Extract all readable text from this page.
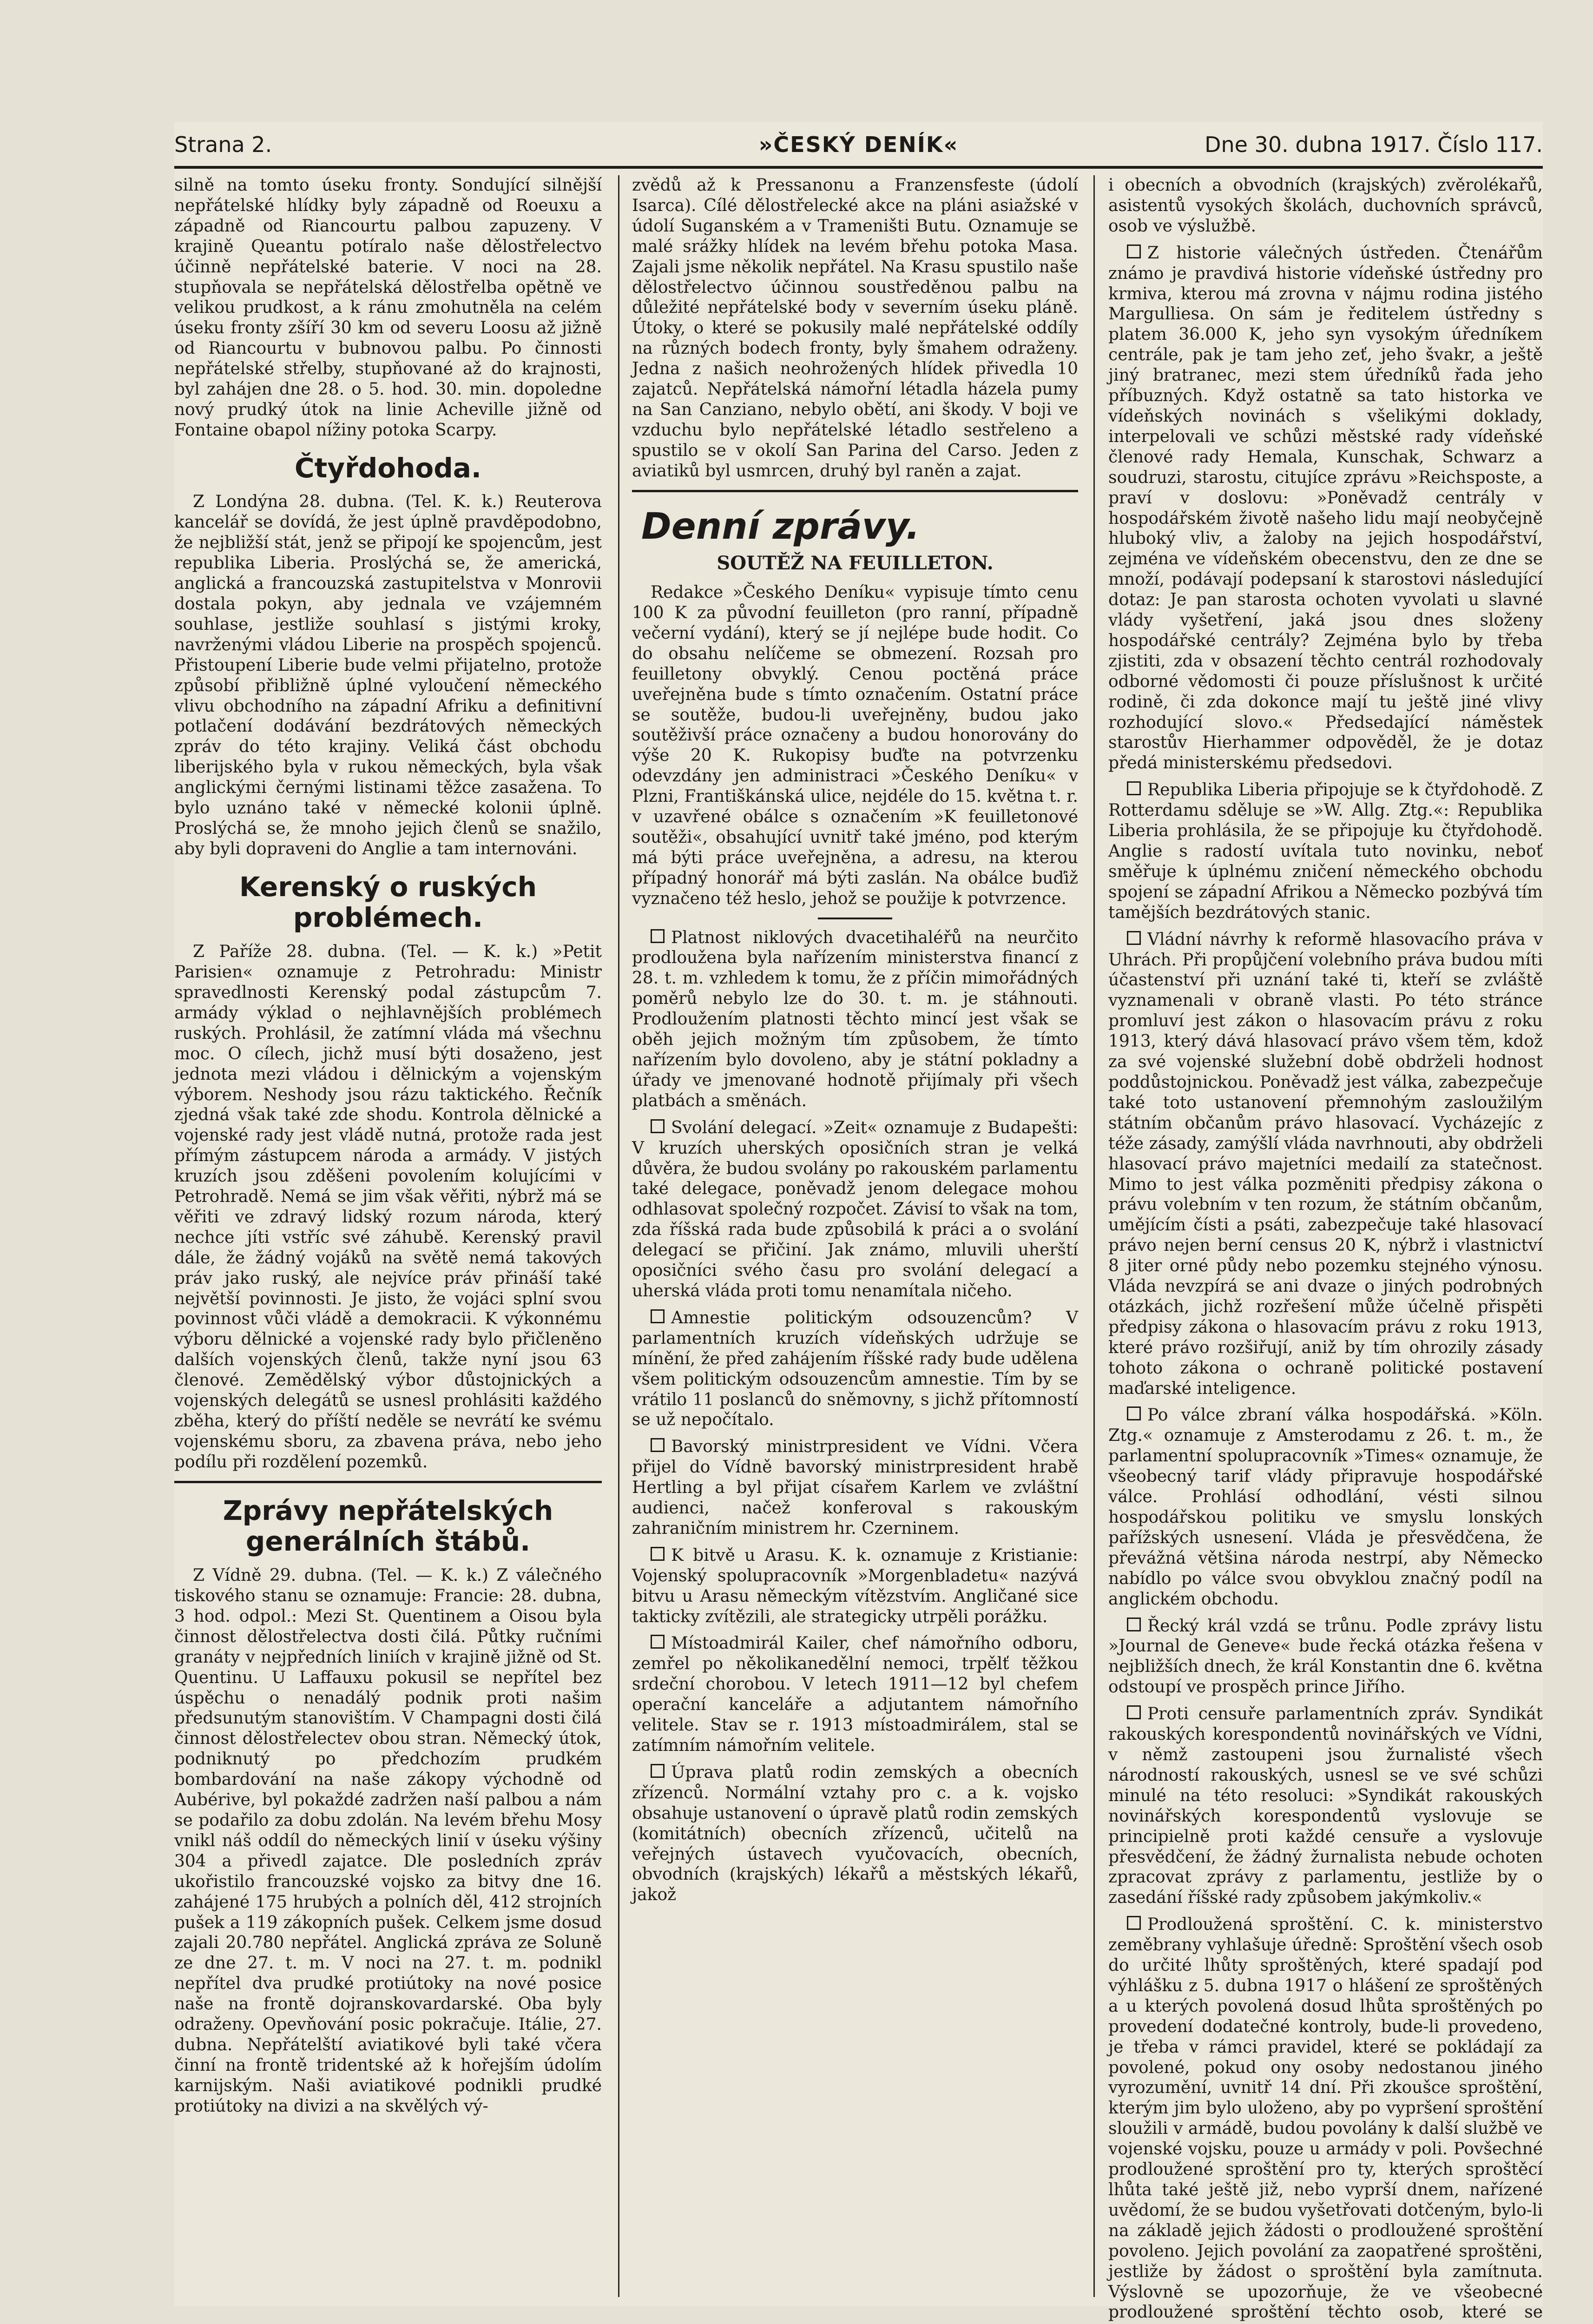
Strana 2.	»ČESKÝ DENÍK«	Dne 30. dubna 1917. Číslo 117.

silně na tomto úseku fronty. Sondující silnější nepřátelské hlídky byly západně od Roeuxu a západně od Riancourtu palbou zapuzeny. V krajině Queantu potíralo naše dělostřelectvo účinně nepřátelské baterie. V noci na 28. stupňovala se nepřátelská dělostřelba opětně ve velikou prudkost, a k ránu zmohutněla na celém úseku fronty zšíří 30 km od severu Loosu až jižně od Riancourtu v bubnovou palbu. Po činnosti nepřátelské střelby, stupňované až do krajnosti, byl zahájen dne 28. o 5. hod. 30. min. dopoledne nový prudký útok na linie Acheville jižně od Fontaine obapol nížiny potoka Scarpy.

Čtyřdohoda.

Z Londýna 28. dubna. (Tel. K. k.) Reuterova kancelář se dovídá, že jest úplně pravděpodobno, že nejbližší stát, jenž se připojí ke spojencům, jest republika Liberia. Proslýchá se, že americká, anglická a francouzská zastupitelstva v Monrovii dostala pokyn, aby jednala ve vzájemném souhlase, jestliže souhlasí s jistými kroky, navrženými vládou Liberie na prospěch spojenců. Přistoupení Liberie bude velmi přijatelno, protože způsobí přibližně úplné vyloučení německého vlivu obchodního na západní Afriku a definitivní potlačení dodávání bezdrátových německých zpráv do této krajiny. Veliká část obchodu liberijského byla v rukou německých, byla však anglickými černými listinami těžce zasažena. To bylo uznáno také v německé kolonii úplně. Proslýchá se, že mnoho jejich členů se snažilo, aby byli dopraveni do Anglie a tam internováni.

Kerenský o ruských problémech.

Z Paříže 28. dubna. (Tel. — K. k.) »Petit Parisien« oznamuje z Petrohradu: Ministr spravedlnosti Kerenský podal zástupcům 7. armády výklad o nejhlavnějších problémech ruských. Prohlásil, že zatímní vláda má všechnu moc. O cílech, jichž musí býti dosaženo, jest jednota mezi vládou i dělnickým a vojenským výborem. Neshody jsou rázu taktického. Řečník zjedná však také zde shodu. Kontrola dělnické a vojenské rady jest vládě nutná, protože rada jest přímým zástupcem národa a armády. V jistých kruzích jsou zděšeni povolením kolujícími v Petrohradě. Nemá se jim však věřiti, nýbrž má se věřiti ve zdravý lidský rozum národa, který nechce jíti vstříc své záhubě. Kerenský pravil dále, že žádný vojáků na světě nemá takových práv jako ruský, ale nejvíce práv přináší také největší povinnosti. Je jisto, že vojáci splní svou povinnost vůči vládě a demokracii. K výkonnému výboru dělnické a vojenské rady bylo přičleněno dalších vojenských členů, takže nyní jsou 63 členové. Zemědělský výbor důstojnických a vojenských delegátů se usnesl prohlásiti každého zběha, který do příští neděle se nevrátí ke svému vojenskému sboru, za zbavena práva, nebo jeho podílu při rozdělení pozemků.

Zprávy nepřátelských generálních štábů.

Z Vídně 29. dubna. (Tel. — K. k.) Z válečného tiskového stanu se oznamuje: Francie: 28. dubna, 3 hod. odpol.: Mezi St. Quentinem a Oisou byla činnost dělostřelectva dosti čilá. Půtky ručními granáty v nejpředních liniích v krajině jižně od St. Quentinu. U Laffauxu pokusil se nepřítel bez úspěchu o nenadálý podnik proti našim předsunutým stanovištím. V Champagni dosti čilá činnost dělostřelectev obou stran. Německý útok, podniknutý po předchozím prudkém bombardování na naše zákopy východně od Aubérive, byl pokaždé zadržen naší palbou a nám se podařilo za dobu zdolán. Na levém břehu Mosy vnikl náš oddíl do německých linií v úseku výšiny 304 a přivedl zajatce. Dle posledních zpráv ukořistilo francouzské vojsko za bitvy dne 16. zahájené 175 hrubých a polních děl, 412 strojních pušek a 119 zákopních pušek. Celkem jsme dosud zajali 20.780 nepřátel. Anglická zpráva ze Soluně ze dne 27. t. m. V noci na 27. t. m. podnikl nepřítel dva prudké protiútoky na nové posice naše na frontě dojranskovardarské. Oba byly odraženy. Opevňování posic pokračuje. Itálie, 27. dubna. Nepřátelští aviatikové byli také včera činní na frontě tridentské až k hořejším údolím karnijským. Naši aviatikové podnikli prudké protiútoky na divizi a na skvělých vý-

zvědů až k Pressanonu a Franzensfeste (údolí Isarca). Cílé dělostřelecké akce na pláni asiažské v údolí Suganském a v Trameništi Butu. Oznamuje se malé srážky hlídek na levém břehu potoka Masa. Zajali jsme několik nepřátel. Na Krasu spustilo naše dělostřelectvo účinnou soustředěnou palbu na důležité nepřátelské body v severním úseku pláně. Útoky, o které se pokusily malé nepřátelské oddíly na různých bodech fronty, byly šmahem odraženy. Jedna z našich neohrožených hlídek přivedla 10 zajatců. Nepřátelská námořní létadla házela pumy na San Canziano, nebylo obětí, ani škody. V boji ve vzduchu bylo nepřátelské létadlo sestřeleno a spustilo se v okolí San Parina del Carso. Jeden z aviatiků byl usmrcen, druhý byl raněn a zajat.

Denní zprávy.
SOUTĚŽ NA FEUILLETON.

Redakce »Českého Deníku« vypisuje tímto cenu 100 K za původní feuilleton (pro ranní, případně večerní vydání), který se jí nejlépe bude hodit. Co do obsahu nelíčeme se obmezení. Rozsah pro feuilletony obvyklý. Cenou poctěná práce uveřejněna bude s tímto označením. Ostatní práce se soutěže, budou-li uveřejněny, budou jako soutěživší práce označeny a budou honorovány do výše 20 K. Rukopisy buďte na potvrzenku odevzdány jen administraci »Českého Deníku« v Plzni, Františkánská ulice, nejdéle do 15. května t. r. v uzavřené obálce s označením »K feuilletonové soutěži«, obsahující uvnitř také jméno, pod kterým má býti práce uveřejněna, a adresu, na kterou případný honorář má býti zaslán. Na obálce buďiž vyznačeno též heslo, jehož se použije k potvrzence.

Platnost niklových dvacetihaléřů na neurčito prodloužena byla nařízením ministerstva financí z 28. t. m. vzhledem k tomu, že z příčin mimořádných poměrů nebylo lze do 30. t. m. je stáhnouti. Prodloužením platnosti těchto mincí jest však se oběh jejich možným tím způsobem, že tímto nařízením bylo dovoleno, aby je státní pokladny a úřady ve jmenované hodnotě přijímaly při všech platbách a směnách.

Svolání delegací. »Zeit« oznamuje z Budapešti: V kruzích uherských oposičních stran je velká důvěra, že budou svolány po rakouském parlamentu také delegace, poněvadž jenom delegace mohou odhlasovat společný rozpočet. Závisí to však na tom, zda říšská rada bude způsobilá k práci a o svolání delegací se přičiní. Jak známo, mluvili uherští oposičníci svého času pro svolání delegací a uherská vláda proti tomu nenamítala ničeho.

Amnestie politickým odsouzencům? V parlamentních kruzích vídeňských udržuje se mínění, že před zahájením říšské rady bude udělena všem politickým odsouzencům amnestie. Tím by se vrátilo 11 poslanců do sněmovny, s jichž přítomností se už nepočítalo.

Bavorský ministrpresident ve Vídni. Včera přijel do Vídně bavorský ministrpresident hrabě Hertling a byl přijat císařem Karlem ve zvláštní audienci, načež konferoval s rakouským zahraničním ministrem hr. Czerninem.

K bitvě u Arasu. K. k. oznamuje z Kristianie: Vojenský spolupracovník »Morgenbladetu« nazývá bitvu u Arasu německým vítězstvím. Angličané sice takticky zvítězili, ale strategicky utrpěli porážku.

Místoadmirál Kailer, chef námořního odboru, zemřel po několikanedělní nemoci, trpělť těžkou srdeční chorobou. V letech 1911—12 byl chefem operační kanceláře a adjutantem námořního velitele. Stav se r. 1913 místoadmirálem, stal se zatímním námořním velitele.

Úprava platů rodin zemských a obecních zřízenců. Normální vztahy pro c. a k. vojsko obsahuje ustanovení o úpravě platů rodin zemských (komitátních) obecních zřízenců, učitelů na veřejných ústavech vyučovacích, obecních, obvodních (krajských) lékařů a městských lékařů, jakož

i obecních a obvodních (krajských) zvěrolékařů, asistentů vysokých školách, duchovních správců, osob ve výslužbě.

Z historie válečných ústředen. Čtenářům známo je pravdivá historie vídeňské ústředny pro krmiva, kterou má zrovna v nájmu rodina jistého Margulliesa. On sám je ředitelem ústředny s platem 36.000 K, jeho syn vysokým úředníkem centrále, pak je tam jeho zeť, jeho švakr, a ještě jiný bratranec, mezi stem úředníků řada jeho příbuzných. Když ostatně sa tato historka ve vídeňských novinách s všelikými doklady, interpelovali ve schůzi městské rady vídeňské členové rady Hemala, Kunschak, Schwarz a soudruzi, starostu, citujíce zprávu »Reichsposte, a praví v doslovu: »Poněvadž centrály v hospodářském životě našeho lidu mají neobyčejně hluboký vliv, a žaloby na jejich hospodářství, zejména ve vídeňském obecenstvu, den ze dne se množí, podávají podepsaní k starostovi následující dotaz: Je pan starosta ochoten vyvolati u slavné vlády vyšetření, jaká jsou dnes složeny hospodářské centrály? Zejména bylo by třeba zjistiti, zda v obsazení těchto centrál rozhodovaly odborné vědomosti či pouze příslušnost k určité rodině, či zda dokonce mají tu ještě jiné vlivy rozhodující slovo.« Předsedající náměstek starostův Hierhammer odpověděl, že je dotaz předá ministerskému předsedovi.

Republika Liberia připojuje se k čtyřdohodě. Z Rotterdamu sděluje se »W. Allg. Ztg.«: Republika Liberia prohlásila, že se připojuje ku čtyřdohodě. Anglie s radostí uvítala tuto novinku, neboť směřuje k úplnému zničení německého obchodu spojení se západní Afrikou a Německo pozbývá tím tamějších bezdrátových stanic.

Vládní návrhy k reformě hlasovacího práva v Uhrách. Při propůjčení volebního práva budou míti účastenství při uznání také ti, kteří se zvláště vyznamenali v obraně vlasti. Po této stránce promluví jest zákon o hlasovacím právu z roku 1913, který dává hlasovací právo všem těm, kdož za své vojenské služební době obdrželi hodnost poddůstojnickou. Poněvadž jest válka, zabezpečuje také toto ustanovení přemnohým zasloužilým státním občanům právo hlasovací. Vycházejíc z téže zásady, zamýšlí vláda navrhnouti, aby obdrželi hlasovací právo majetníci medailí za statečnost. Mimo to jest válka pozměniti předpisy zákona o právu volebním v ten rozum, že státním občanům, umějícím čísti a psáti, zabezpečuje také hlasovací právo nejen berní census 20 K, nýbrž i vlastnictví 8 jiter orné půdy nebo pozemku stejného výnosu. Vláda nevzpírá se ani dvaze o jiných podrobných otázkách, jichž rozřešení může účelně přispěti předpisy zákona o hlasovacím právu z roku 1913, které právo rozšiřují, aniž by tím ohrozily zásady tohoto zákona o ochraně politické postavení maďarské inteligence.

Po válce zbraní válka hospodářská. »Köln. Ztg.« oznamuje z Amsterodamu z 26. t. m., že parlamentní spolupracovník »Times« oznamuje, že všeobecný tarif vlády připravuje hospodářské válce. Prohlásí odhodlání, vésti silnou hospodářskou politiku ve smyslu lonských pařížských usnesení. Vláda je přesvědčena, že převážná většina národa nestrpí, aby Německo nabídlo po válce svou obvyklou značný podíl na anglickém obchodu.

Řecký král vzdá se trůnu. Podle zprávy listu »Journal de Geneve« bude řecká otázka řešena v nejbližších dnech, že král Konstantin dne 6. května odstoupí ve prospěch prince Jiřího.

Proti censuře parlamentních zpráv. Syndikát rakouských korespondentů novinářských ve Vídni, v němž zastoupeni jsou žurnalisté všech národností rakouských, usnesl se ve své schůzi minulé na této resoluci: »Syndikát rakouských novinářských korespondentů vyslovuje se principielně proti každé censuře a vyslovuje přesvědčení, že žádný žurnalista nebude ochoten zpracovat zprávy z parlamentu, jestliže by o zasedání říšské rady způsobem jakýmkoliv.«

Prodloužená sproštění. C. k. ministerstvo zeměbrany vyhlašuje úředně: Sproštění všech osob do určité lhůty sproštěných, které spadají pod výhlášku z 5. dubna 1917 o hlášení ze sproštěných a u kterých povolená dosud lhůta sproštěných po provedení dodatečné kontroly, bude-li provedeno, je třeba v rámci pravidel, které se pokládají za povolené, pokud ony osoby nedostanou jiného vyrozumění, uvnitř 14 dní. Při zkoušce sproštění, kterým jim bylo uloženo, aby po vypršení sproštění sloužili v armádě, budou povolány k další službě ve vojenské vojsku, pouze u armády v poli. Povšechné prodloužené sproštění pro ty, kterých sproštěcí lhůta také ještě již, nebo vyprší dnem, nařízené uvědomí, že se budou vyšetřovati dotčeným, bylo-li na základě jejich žádosti o prodloužené sproštění povoleno. Jejich povolání za zaopatřené sproštěni, jestliže by žádost o sproštění byla zamítnuta. Výslovně se upozorňuje, že ve všeobecné prodloužené sproštění těchto osob, které se
